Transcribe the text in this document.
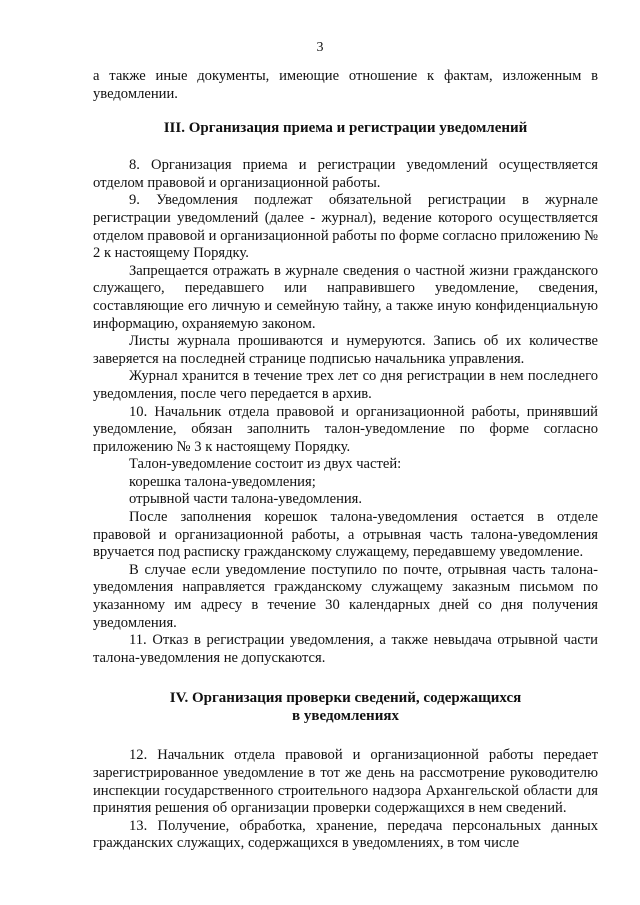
3

а также иные документы, имеющие отношение к фактам, изложенным в уведомлении.

III. Организация приема и регистрации уведомлений

8. Организация приема и регистрации уведомлений осуществляется отделом правовой и организационной работы.

9. Уведомления подлежат обязательной регистрации в журнале регистрации уведомлений (далее - журнал), ведение которого осуществляется отделом правовой и организационной работы по форме согласно приложению № 2 к настоящему Порядку.

Запрещается отражать в журнале сведения о частной жизни гражданского служащего, передавшего или направившего уведомление, сведения, составляющие его личную и семейную тайну, а также иную конфиденциальную информацию, охраняемую законом.

Листы журнала прошиваются и нумеруются. Запись об их количестве заверяется на последней странице подписью начальника управления.

Журнал хранится в течение трех лет со дня регистрации в нем последнего уведомления, после чего передается в архив.

10. Начальник отдела правовой и организационной работы, принявший уведомление, обязан заполнить талон-уведомление по форме согласно приложению № 3 к настоящему Порядку.

Талон-уведомление состоит из двух частей:

корешка талона-уведомления;

отрывной части талона-уведомления.

После заполнения корешок талона-уведомления остается в отделе правовой и организационной работы, а отрывная часть талона-уведомления вручается под расписку гражданскому служащему, передавшему уведомление.

В случае если уведомление поступило по почте, отрывная часть талона-уведомления направляется гражданскому служащему заказным письмом по указанному им адресу в течение 30 календарных дней со дня получения уведомления.

11. Отказ в регистрации уведомления, а также невыдача отрывной части талона-уведомления не допускаются.

IV. Организация проверки сведений, содержащихся
в уведомлениях

12. Начальник отдела правовой и организационной работы передает зарегистрированное уведомление в тот же день на рассмотрение руководителю инспекции государственного строительного надзора Архангельской области для принятия решения об организации проверки содержащихся в нем сведений.

13. Получение, обработка, хранение, передача персональных данных гражданских служащих, содержащихся в уведомлениях, в том числе
